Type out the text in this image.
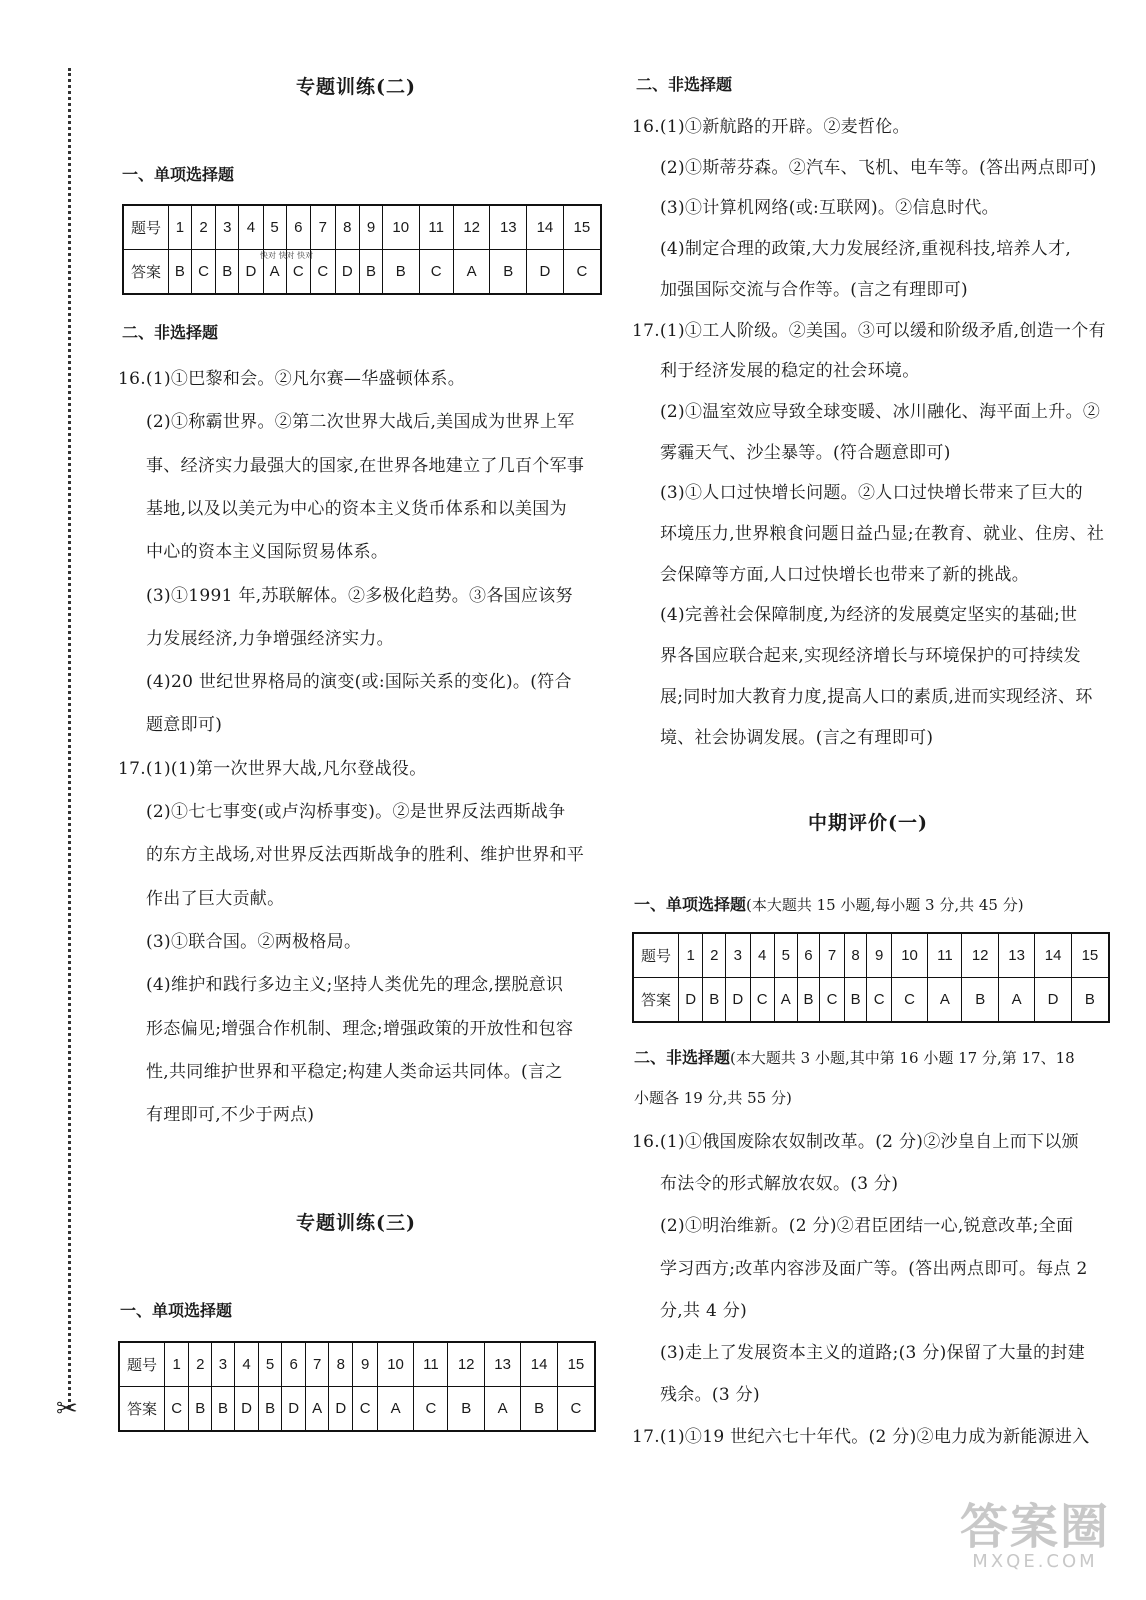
✂
专题训练(二)
一、单项选择题
题号	1	2	3	4	5	6	7	8	9	10	11	12	13	14	15
答案	B	C	B	D	A	C	C	D	B	B	C	A	B	D	C
快对 快对 快对
二、非选择题
16.(1)①巴黎和会。②凡尔赛—华盛顿体系。
(2)①称霸世界。②第二次世界大战后,美国成为世界上军
事、经济实力最强大的国家,在世界各地建立了几百个军事
基地,以及以美元为中心的资本主义货币体系和以美国为
中心的资本主义国际贸易体系。
(3)①1991 年,苏联解体。②多极化趋势。③各国应该努
力发展经济,力争增强经济实力。
(4)20 世纪世界格局的演变(或:国际关系的变化)。(符合
题意即可)
17.(1)(1)第一次世界大战,凡尔登战役。
(2)①七七事变(或卢沟桥事变)。②是世界反法西斯战争
的东方主战场,对世界反法西斯战争的胜利、维护世界和平
作出了巨大贡献。
(3)①联合国。②两极格局。
(4)维护和践行多边主义;坚持人类优先的理念,摆脱意识
形态偏见;增强合作机制、理念;增强政策的开放性和包容
性,共同维护世界和平稳定;构建人类命运共同体。(言之
有理即可,不少于两点)
专题训练(三)
一、单项选择题
题号	1	2	3	4	5	6	7	8	9	10	11	12	13	14	15
答案	C	B	B	D	B	D	A	D	C	A	C	B	A	B	C
二、非选择题
16.(1)①新航路的开辟。②麦哲伦。
(2)①斯蒂芬森。②汽车、飞机、电车等。(答出两点即可)
(3)①计算机网络(或:互联网)。②信息时代。
(4)制定合理的政策,大力发展经济,重视科技,培养人才,
加强国际交流与合作等。(言之有理即可)
17.(1)①工人阶级。②美国。③可以缓和阶级矛盾,创造一个有
利于经济发展的稳定的社会环境。
(2)①温室效应导致全球变暖、冰川融化、海平面上升。②
雾霾天气、沙尘暴等。(符合题意即可)
(3)①人口过快增长问题。②人口过快增长带来了巨大的
环境压力,世界粮食问题日益凸显;在教育、就业、住房、社
会保障等方面,人口过快增长也带来了新的挑战。
(4)完善社会保障制度,为经济的发展奠定坚实的基础;世
界各国应联合起来,实现经济增长与环境保护的可持续发
展;同时加大教育力度,提高人口的素质,进而实现经济、环
境、社会协调发展。(言之有理即可)
中期评价(一)
一、单项选择题(本大题共 15 小题,每小题 3 分,共 45 分)
题号	1	2	3	4	5	6	7	8	9	10	11	12	13	14	15
答案	D	B	D	C	A	B	C	B	C	C	A	B	A	D	B
二、非选择题(本大题共 3 小题,其中第 16 小题 17 分,第 17、18
小题各 19 分,共 55 分)
16.(1)①俄国废除农奴制改革。(2 分)②沙皇自上而下以颁
布法令的形式解放农奴。(3 分)
(2)①明治维新。(2 分)②君臣团结一心,锐意改革;全面
学习西方;改革内容涉及面广等。(答出两点即可。每点 2
分,共 4 分)
(3)走上了发展资本主义的道路;(3 分)保留了大量的封建
残余。(3 分)
17.(1)①19 世纪六七十年代。(2 分)②电力成为新能源进入
答案圈
MXQE.COM
